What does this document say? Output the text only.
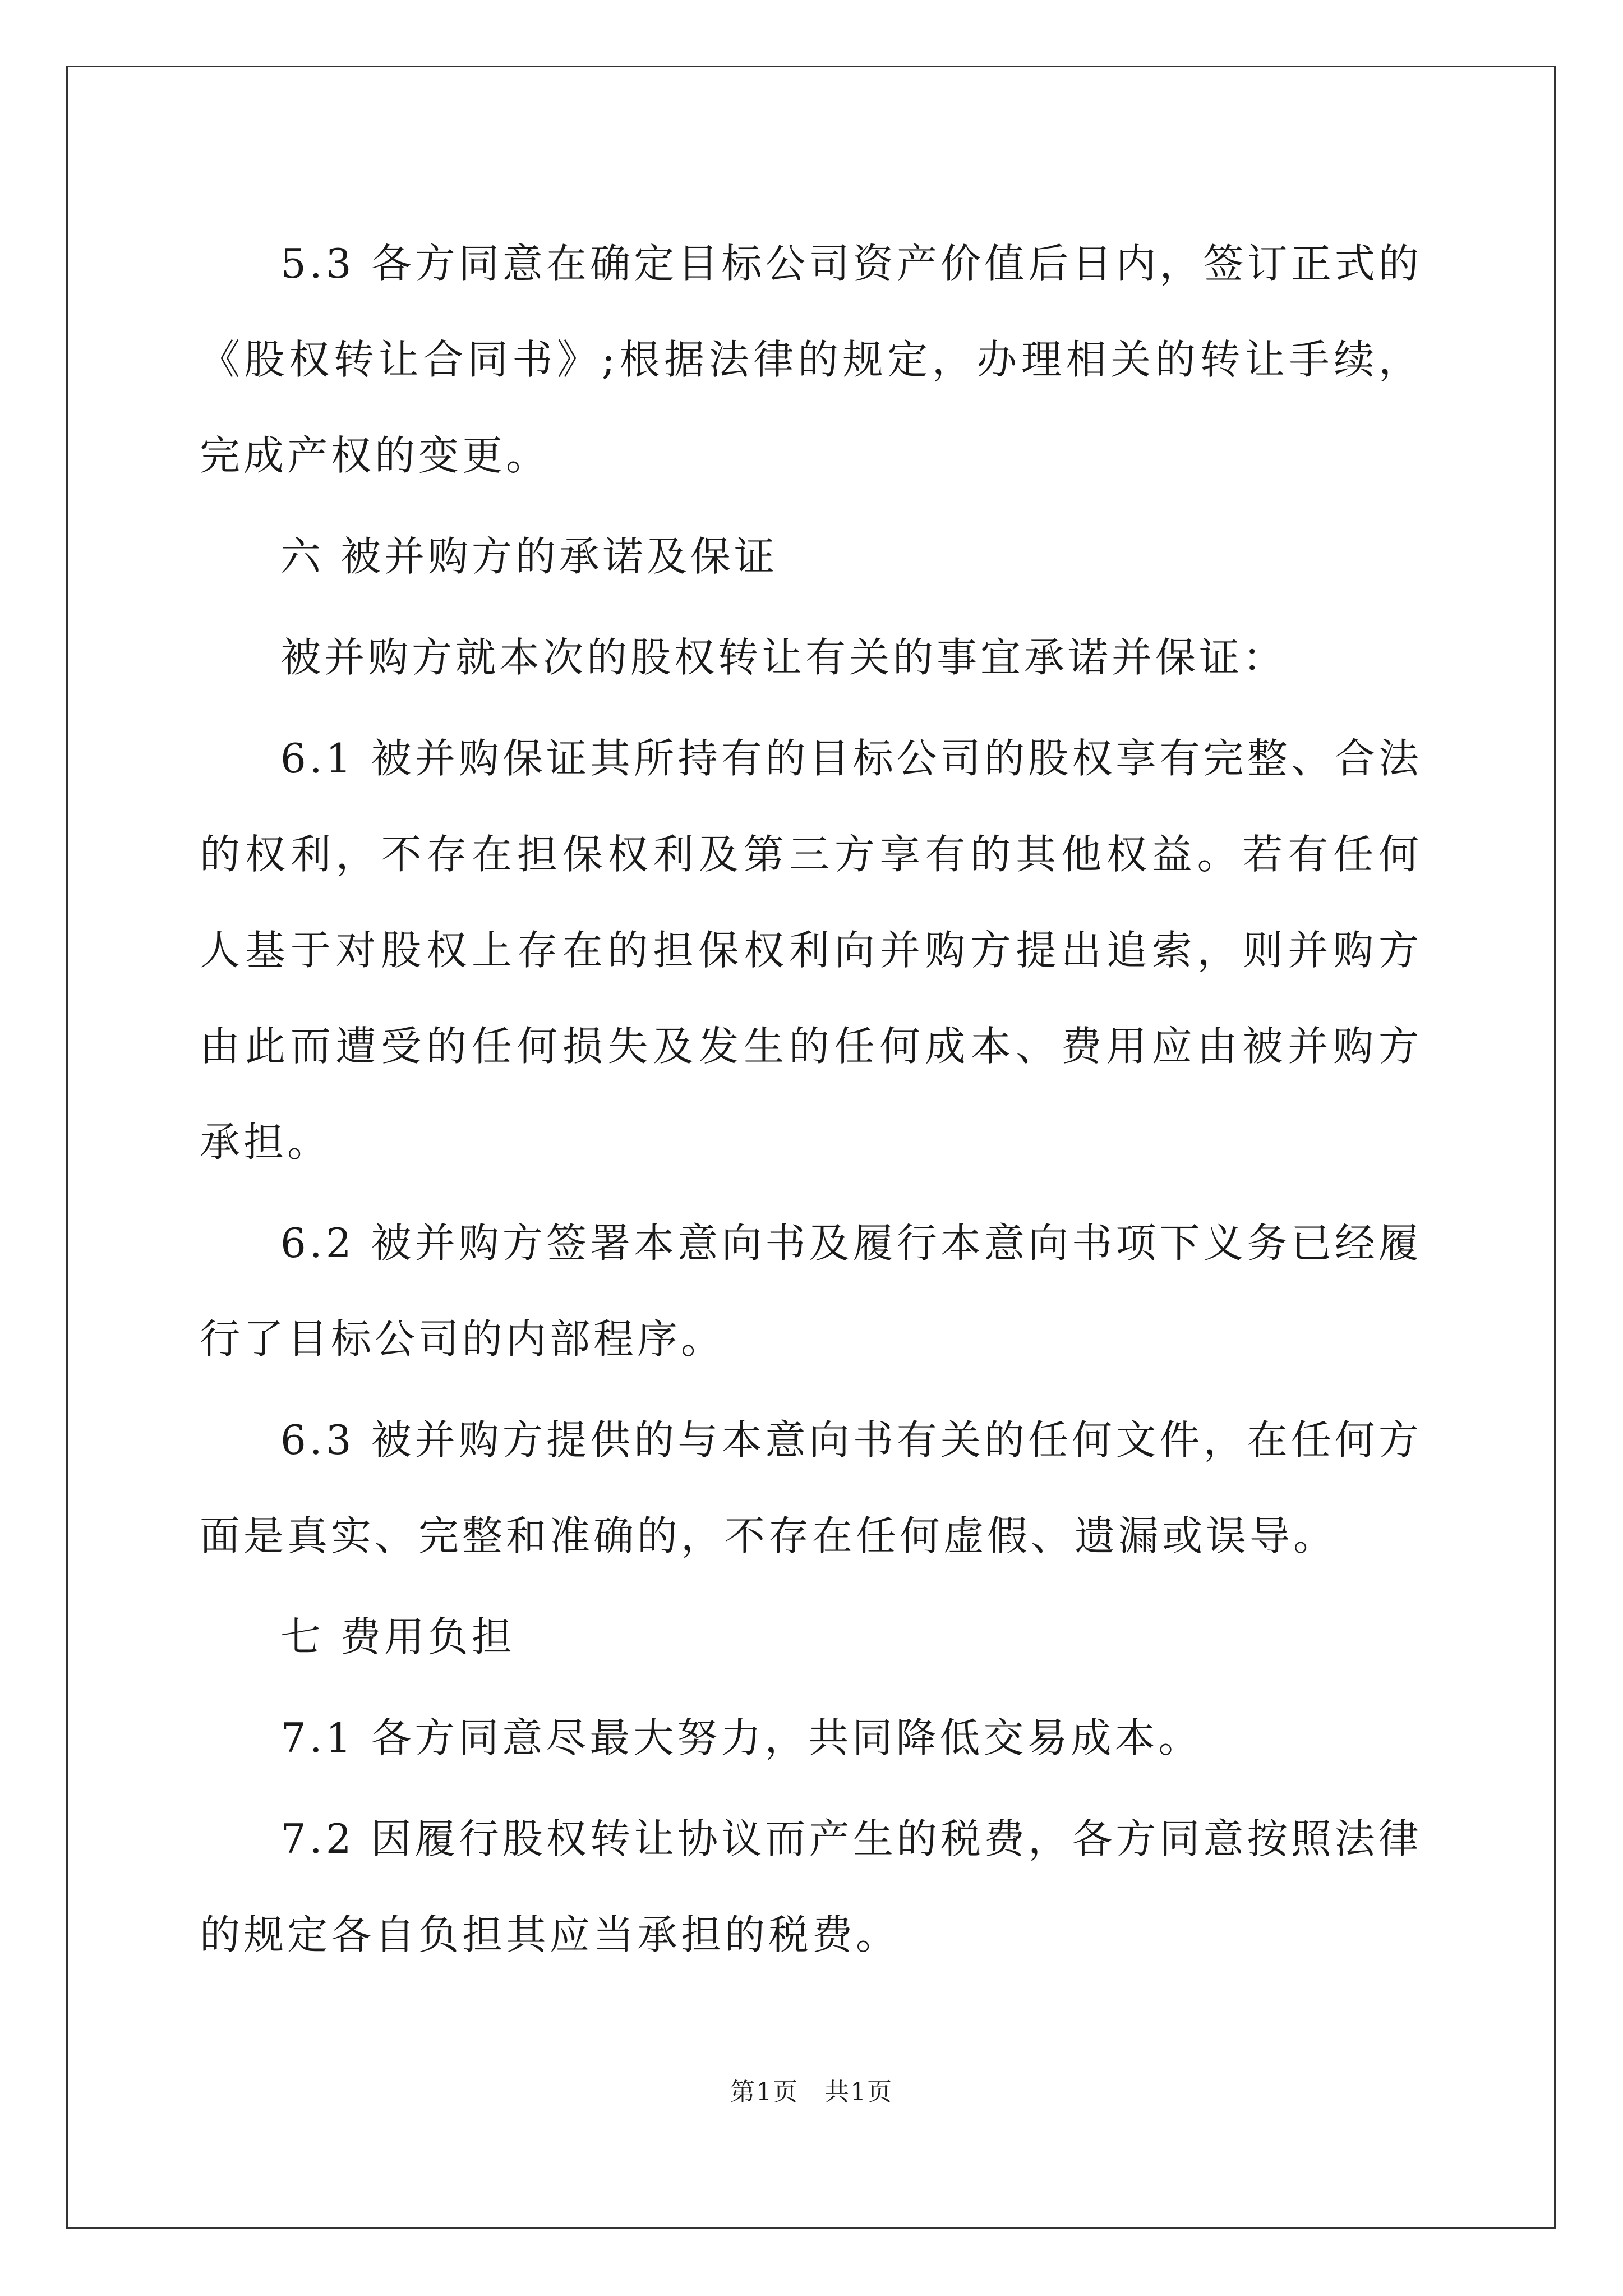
5.3 各方同意在确定目标公司资产价值后日内，签订正式的《股权转让合同书》;根据法律的规定，办理相关的转让手续，完成产权的变更。

六 被并购方的承诺及保证

被并购方就本次的股权转让有关的事宜承诺并保证：

6.1 被并购保证其所持有的目标公司的股权享有完整、合法的权利，不存在担保权利及第三方享有的其他权益。若有任何人基于对股权上存在的担保权利向并购方提出追索，则并购方由此而遭受的任何损失及发生的任何成本、费用应由被并购方承担。

6.2 被并购方签署本意向书及履行本意向书项下义务已经履行了目标公司的内部程序。

6.3 被并购方提供的与本意向书有关的任何文件，在任何方面是真实、完整和准确的，不存在任何虚假、遗漏或误导。

七 费用负担

7.1 各方同意尽最大努力，共同降低交易成本。

7.2 因履行股权转让协议而产生的税费，各方同意按照法律的规定各自负担其应当承担的税费。

第1页　共1页
